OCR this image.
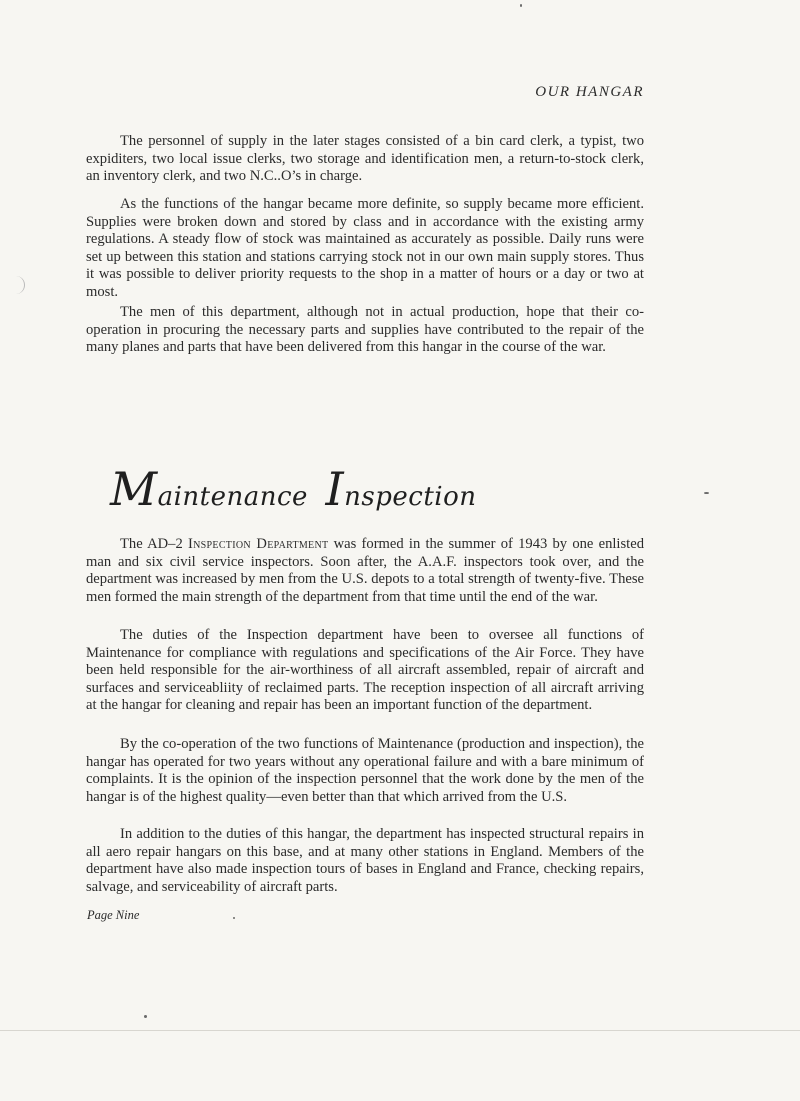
OUR HANGAR

The personnel of supply in the later stages consisted of a bin card clerk, a typist, two expiditers, two local issue clerks, two storage and identification men, a return-to-stock clerk, an inventory clerk, and two N.C..O’s in charge.

As the functions of the hangar became more definite, so supply became more efficient. Supplies were broken down and stored by class and in accordance with the existing army regulations. A steady flow of stock was maintained as accurately as possible. Daily runs were set up between this station and stations carrying stock not in our own main supply stores. Thus it was possible to deliver priority requests to the shop in a matter of hours or a day or two at most.

The men of this department, although not in actual production, hope that their co-operation in procuring the necessary parts and supplies have contributed to the repair of the many planes and parts that have been delivered from this hangar in the course of the war.

Maintenance Inspection

The AD–2 Inspection Department was formed in the summer of 1943 by one enlisted man and six civil service inspectors. Soon after, the A.A.F. inspectors took over, and the department was increased by men from the U.S. depots to a total strength of twenty-five. These men formed the main strength of the department from that time until the end of the war.

The duties of the Inspection department have been to oversee all functions of Maintenance for compliance with regulations and specifications of the Air Force. They have been held responsible for the air-worthiness of all aircraft assembled, repair of aircraft and surfaces and serviceabliity of reclaimed parts. The reception inspection of all aircraft arriving at the hangar for cleaning and repair has been an important function of the department.

By the co-operation of the two functions of Maintenance (production and inspection), the hangar has operated for two years without any operational failure and with a bare minimum of complaints. It is the opinion of the inspection personnel that the work done by the men of the hangar is of the highest quality—even better than that which arrived from the U.S.

In addition to the duties of this hangar, the department has inspected structural repairs in all aero repair hangars on this base, and at many other stations in England. Members of the department have also made inspection tours of bases in England and France, checking repairs, salvage, and serviceability of aircraft parts.

Page Nine
